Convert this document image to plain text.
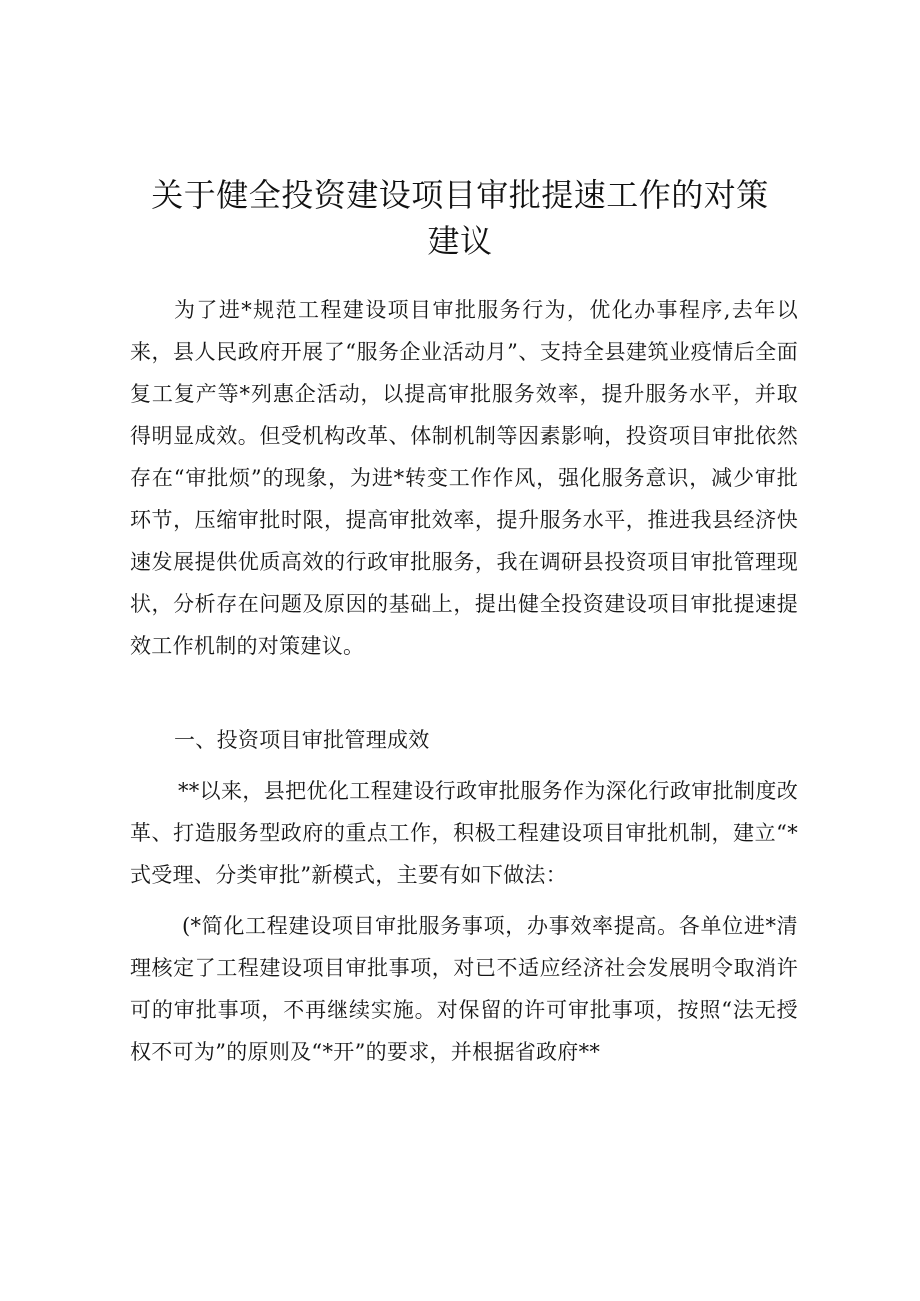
关于健全投资建设项目审批提速工作的对策建议

为了进*规范工程建设项目审批服务行为，优化办事程序,去年以来，县人民政府开展了“服务企业活动月”、支持全县建筑业疫情后全面复工复产等*列惠企活动，以提高审批服务效率，提升服务水平，并取得明显成效。但受机构改革、体制机制等因素影响，投资项目审批依然存在“审批烦”的现象，为进*转变工作作风，强化服务意识，减少审批环节，压缩审批时限，提高审批效率，提升服务水平，推进我县经济快速发展提供优质高效的行政审批服务，我在调研县投资项目审批管理现状，分析存在问题及原因的基础上，提出健全投资建设项目审批提速提效工作机制的对策建议。

一、投资项目审批管理成效

**以来，县把优化工程建设行政审批服务作为深化行政审批制度改革、打造服务型政府的重点工作，积极工程建设项目审批机制，建立“*式受理、分类审批”新模式，主要有如下做法：

(*简化工程建设项目审批服务事项，办事效率提高。各单位进*清理核定了工程建设项目审批事项，对已不适应经济社会发展明令取消许可的审批事项，不再继续实施。对保留的许可审批事项，按照“法无授权不可为”的原则及“*开”的要求，并根据省政府**
